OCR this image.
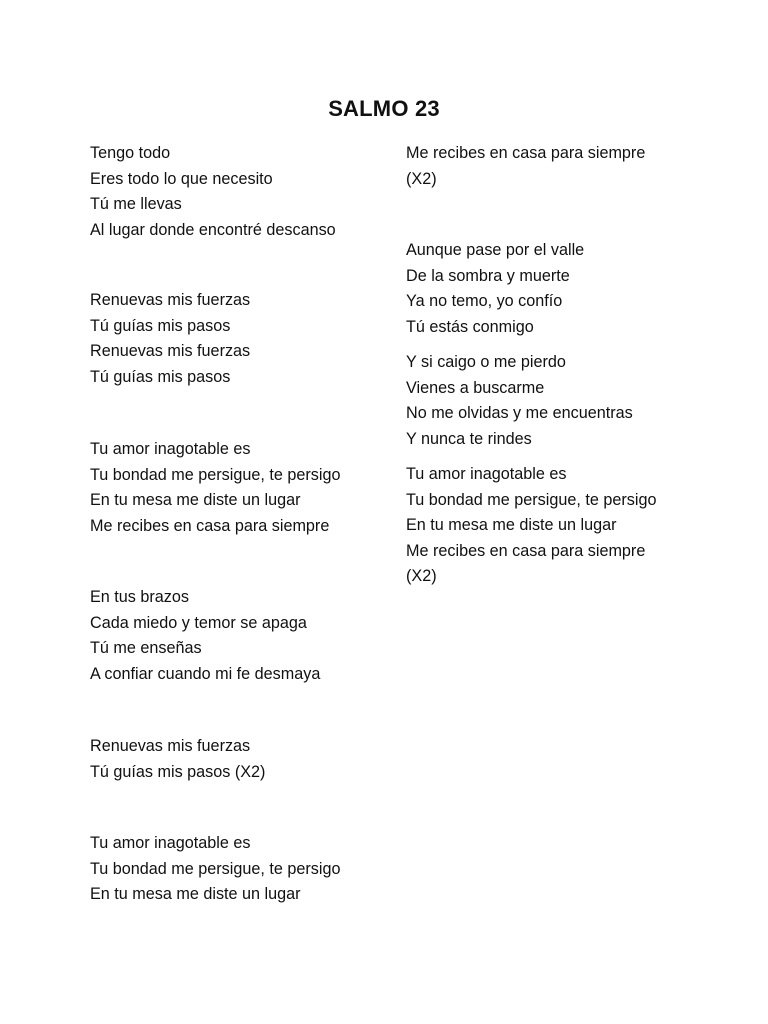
SALMO 23
Tengo todo
Eres todo lo que necesito
Tú me llevas
Al lugar donde encontré descanso
Renuevas mis fuerzas
Tú guías mis pasos
Renuevas mis fuerzas
Tú guías mis pasos
Tu amor inagotable es
Tu bondad me persigue, te persigo
En tu mesa me diste un lugar
Me recibes en casa para siempre
En tus brazos
Cada miedo y temor se apaga
Tú me enseñas
A confiar cuando mi fe desmaya
Renuevas mis fuerzas
Tú guías mis pasos (X2)
Tu amor inagotable es
Tu bondad me persigue, te persigo
En tu mesa me diste un lugar
Me recibes en casa para siempre
(X2)
Aunque pase por el valle
De la sombra y muerte
Ya no temo, yo confío
Tú estás conmigo
Y si caigo o me pierdo
Vienes a buscarme
No me olvidas y me encuentras
Y nunca te rindes
Tu amor inagotable es
Tu bondad me persigue, te persigo
En tu mesa me diste un lugar
Me recibes en casa para siempre
(X2)
